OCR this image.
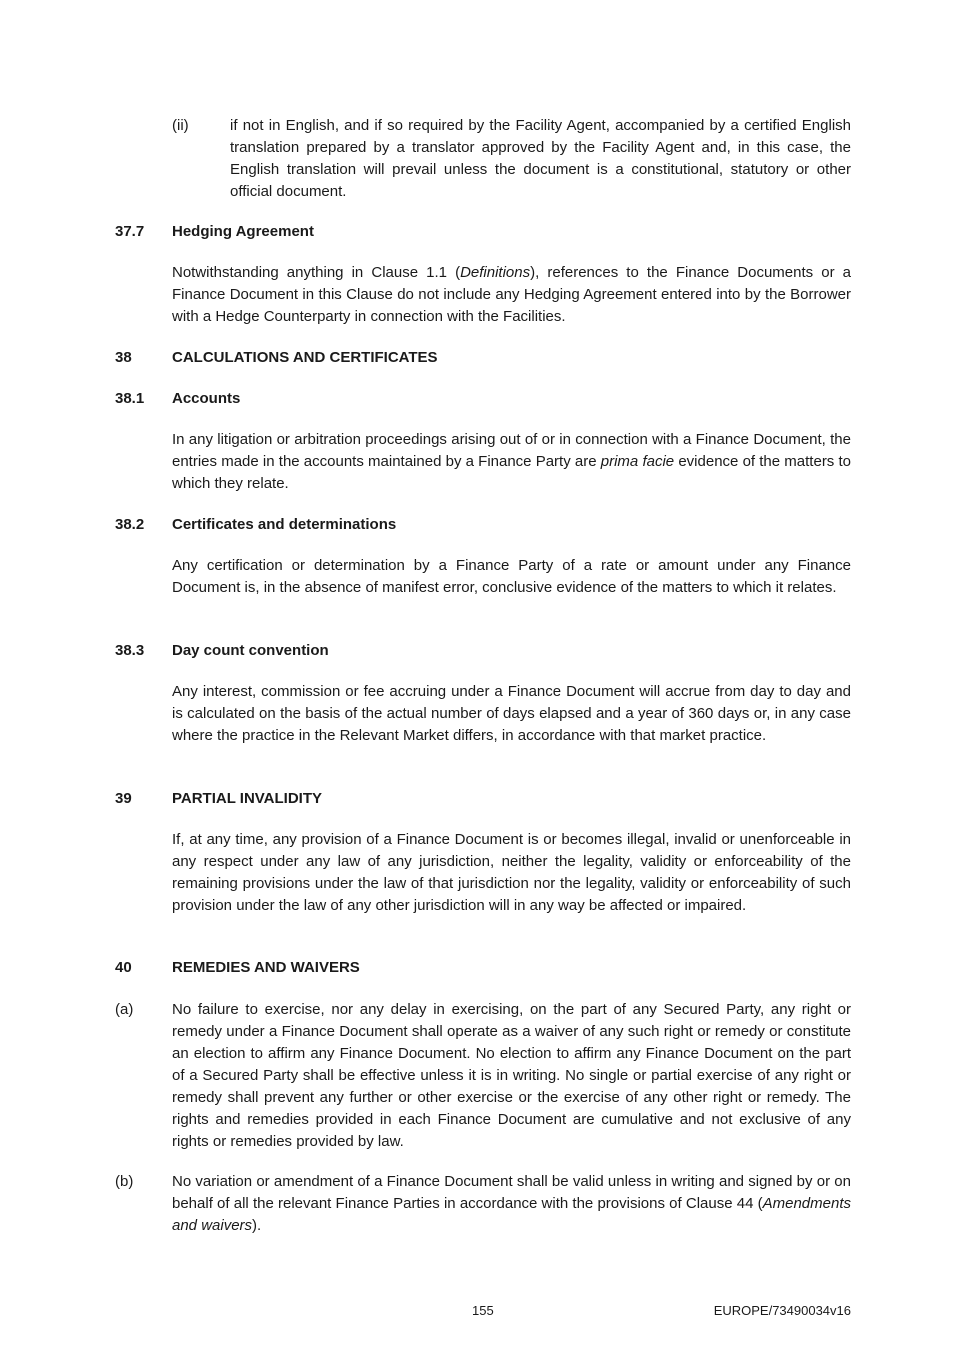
(ii)	if not in English, and if so required by the Facility Agent, accompanied by a certified English translation prepared by a translator approved by the Facility Agent and, in this case, the English translation will prevail unless the document is a constitutional, statutory or other official document.
37.7 Hedging Agreement
Notwithstanding anything in Clause 1.1 (Definitions), references to the Finance Documents or a Finance Document in this Clause do not include any Hedging Agreement entered into by the Borrower with a Hedge Counterparty in connection with the Facilities.
38	CALCULATIONS AND CERTIFICATES
38.1 Accounts
In any litigation or arbitration proceedings arising out of or in connection with a Finance Document, the entries made in the accounts maintained by a Finance Party are prima facie evidence of the matters to which they relate.
38.2 Certificates and determinations
Any certification or determination by a Finance Party of a rate or amount under any Finance Document is, in the absence of manifest error, conclusive evidence of the matters to which it relates.
38.3 Day count convention
Any interest, commission or fee accruing under a Finance Document will accrue from day to day and is calculated on the basis of the actual number of days elapsed and a year of 360 days or, in any case where the practice in the Relevant Market differs, in accordance with that market practice.
39	PARTIAL INVALIDITY
If, at any time, any provision of a Finance Document is or becomes illegal, invalid or unenforceable in any respect under any law of any jurisdiction, neither the legality, validity or enforceability of the remaining provisions under the law of that jurisdiction nor the legality, validity or enforceability of such provision under the law of any other jurisdiction will in any way be affected or impaired.
40	REMEDIES AND WAIVERS
(a)	No failure to exercise, nor any delay in exercising, on the part of any Secured Party, any right or remedy under a Finance Document shall operate as a waiver of any such right or remedy or constitute an election to affirm any Finance Document. No election to affirm any Finance Document on the part of a Secured Party shall be effective unless it is in writing. No single or partial exercise of any right or remedy shall prevent any further or other exercise or the exercise of any other right or remedy. The rights and remedies provided in each Finance Document are cumulative and not exclusive of any rights or remedies provided by law.
(b)	No variation or amendment of a Finance Document shall be valid unless in writing and signed by or on behalf of all the relevant Finance Parties in accordance with the provisions of Clause 44 (Amendments and waivers).
155	EUROPE/73490034v16
